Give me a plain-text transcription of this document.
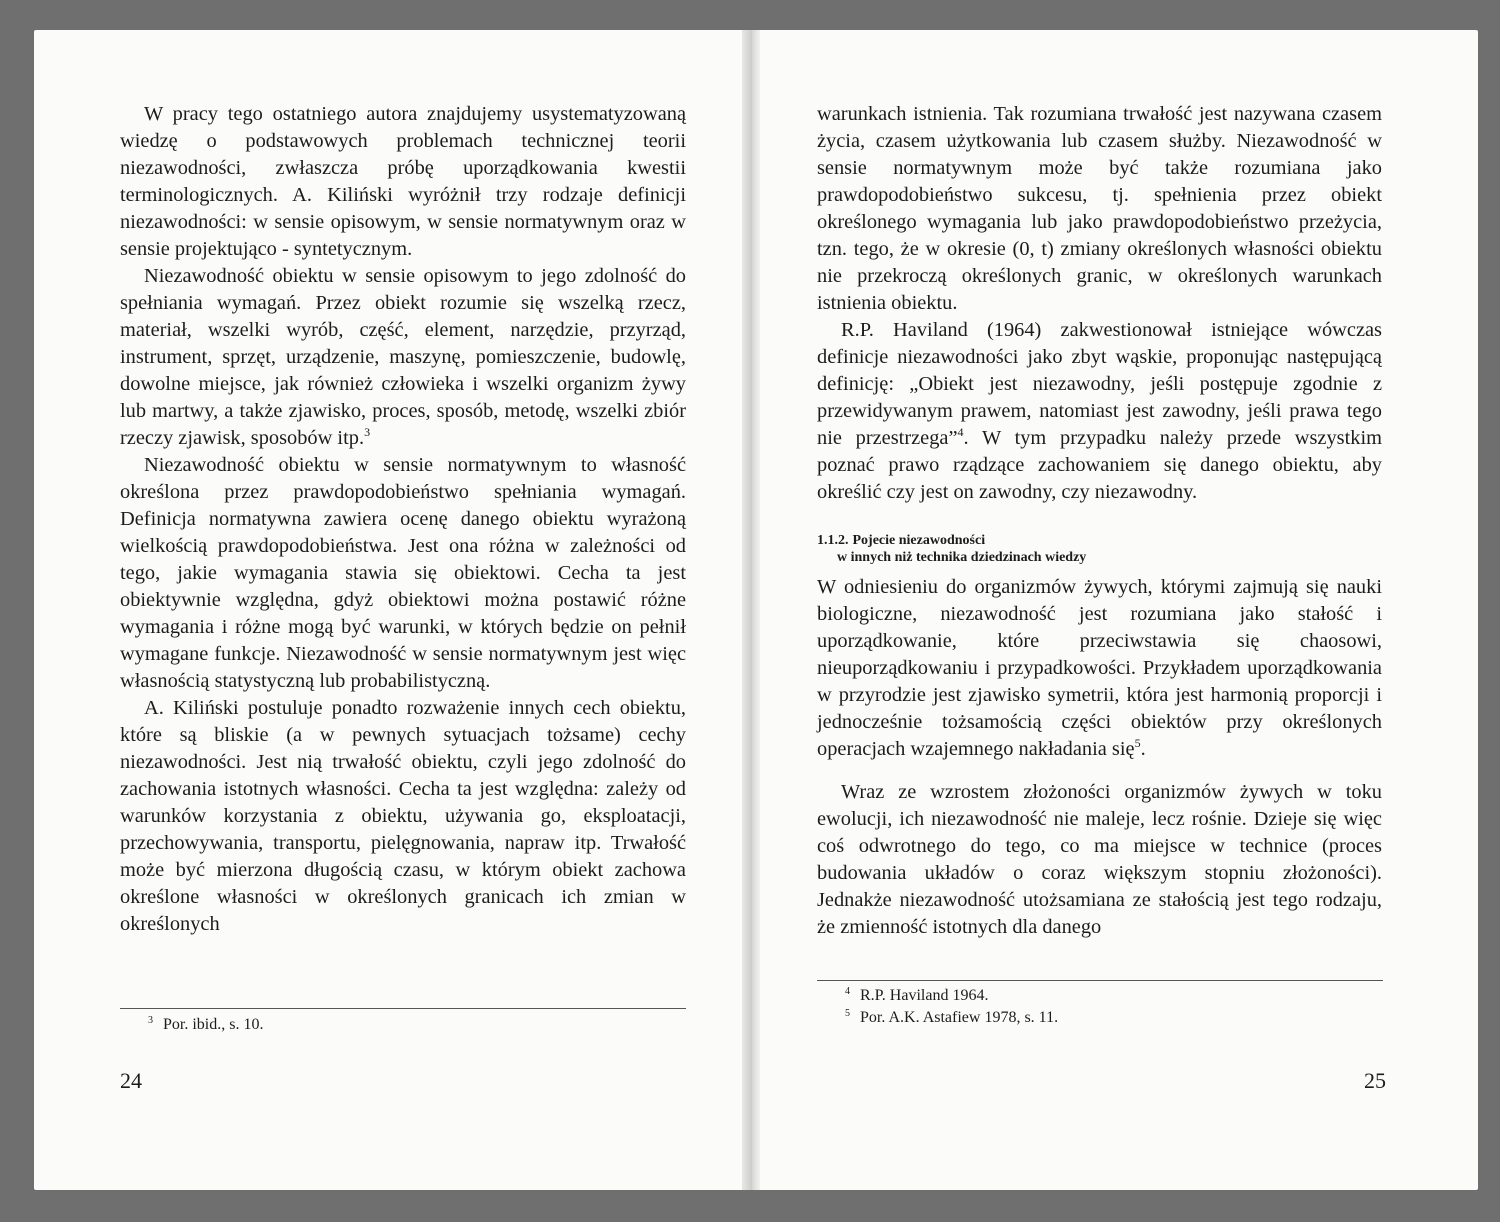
W pracy tego ostatniego autora znajdujemy usystematyzowaną wiedzę o podstawowych problemach technicznej teorii niezawodności, zwłaszcza próbę uporządkowania kwestii terminologicznych. A. Kiliński wyróżnił trzy rodzaje definicji niezawodności: w sensie opisowym, w sensie normatywnym oraz w sensie projektująco - syntetycznym.

Niezawodność obiektu w sensie opisowym to jego zdolność do spełniania wymagań. Przez obiekt rozumie się wszelką rzecz, materiał, wszelki wyrób, część, element, narzędzie, przyrząd, instrument, sprzęt, urządzenie, maszynę, pomieszczenie, budowlę, dowolne miejsce, jak również człowieka i wszelki organizm żywy lub martwy, a także zjawisko, proces, sposób, metodę, wszelki zbiór rzeczy zjawisk, sposobów itp.$^3$

Niezawodność obiektu w sensie normatywnym to własność określona przez prawdopodobieństwo spełniania wymagań. Definicja normatywna zawiera ocenę danego obiektu wyrażoną wielkością prawdopodobieństwa. Jest ona różna w zależności od tego, jakie wymagania stawia się obiektowi. Cecha ta jest obiektywnie względna, gdyż obiektowi można postawić różne wymagania i różne mogą być warunki, w których będzie on pełnił wymagane funkcje. Niezawodność w sensie normatywnym jest więc własnością statystyczną lub probabilistyczną.

A. Kiliński postuluje ponadto rozważenie innych cech obiektu, które są bliskie (a w pewnych sytuacjach tożsame) cechy niezawodności. Jest nią trwałość obiektu, czyli jego zdolność do zachowania istotnych własności. Cecha ta jest względna: zależy od warunków korzystania z obiektu, używania go, eksploatacji, przechowywania, transportu, pielęgnowania, napraw itp. Trwałość może być mierzona długością czasu, w którym obiekt zachowa określone własności w określonych granicach ich zmian w określonych

$^3$ Por. ibid., s. 10.
24

warunkach istnienia. Tak rozumiana trwałość jest nazywana czasem życia, czasem użytkowania lub czasem służby. Niezawodność w sensie normatywnym może być także rozumiana jako prawdopodobieństwo sukcesu, tj. spełnienia przez obiekt określonego wymagania lub jako prawdopodobieństwo przeżycia, tzn. tego, że w okresie (0, t) zmiany określonych własności obiektu nie przekroczą określonych granic, w określonych warunkach istnienia obiektu.

R.P. Haviland (1964) zakwestionował istniejące wówczas definicje niezawodności jako zbyt wąskie, proponując następującą definicję: „Obiekt jest niezawodny, jeśli postępuje zgodnie z przewidywanym prawem, natomiast jest zawodny, jeśli prawa tego nie przestrzega”$^4$. W tym przypadku należy przede wszystkim poznać prawo rządzące zachowaniem się danego obiektu, aby określić czy jest on zawodny, czy niezawodny.

1.1.2. Pojecie niezawodności
w innych niż technika dziedzinach wiedzy

W odniesieniu do organizmów żywych, którymi zajmują się nauki biologiczne, niezawodność jest rozumiana jako stałość i uporządkowanie, które przeciwstawia się chaosowi, nieuporządkowaniu i przypadkowości. Przykładem uporządkowania w przyrodzie jest zjawisko symetrii, która jest harmonią proporcji i jednocześnie tożsamością części obiektów przy określonych operacjach wzajemnego nakładania się$^5$.

Wraz ze wzrostem złożoności organizmów żywych w toku ewolucji, ich niezawodność nie maleje, lecz rośnie. Dzieje się więc coś odwrotnego do tego, co ma miejsce w technice (proces budowania układów o coraz większym stopniu złożoności). Jednakże niezawodność utożsamiana ze stałością jest tego rodzaju, że zmienność istotnych dla danego

$^4$ R.P. Haviland 1964.
$^5$ Por. A.K. Astafiew 1978, s. 11.
25
